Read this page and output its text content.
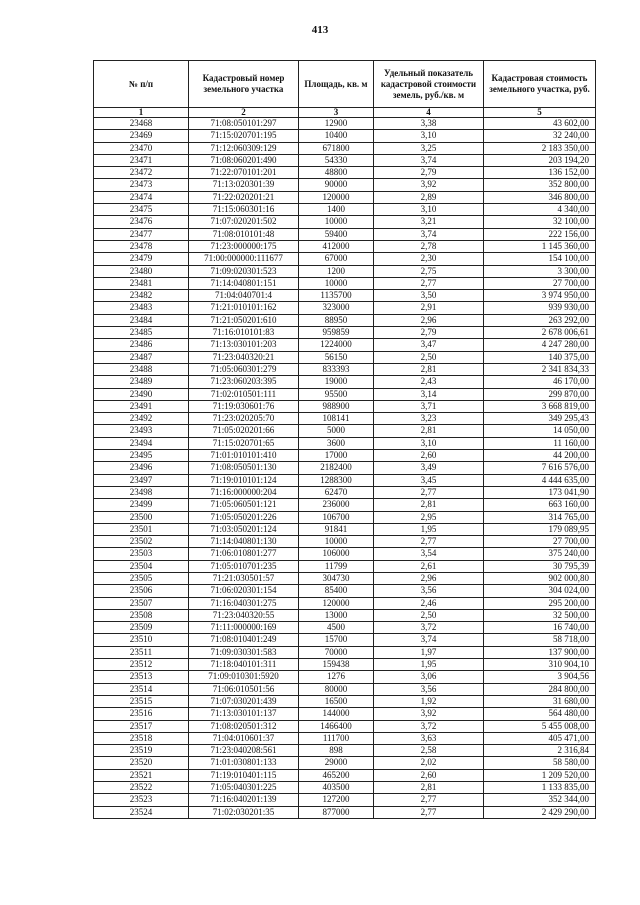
413
№ п/п	Кадастровый номер земельного участка	Площадь, кв. м	Удельный показатель кадастровой стоимости земель, руб./кв. м	Кадастровая стоимость земельного участка, руб.
1	2	3	4	5
23468	71:08:050101:297	12900	3,38	43 602,00
23469	71:15:020701:195	10400	3,10	32 240,00
23470	71:12:060309:129	671800	3,25	2 183 350,00
23471	71:08:060201:490	54330	3,74	203 194,20
23472	71:22:070101:201	48800	2,79	136 152,00
23473	71:13:020301:39	90000	3,92	352 800,00
23474	71:22:020201:21	120000	2,89	346 800,00
23475	71:15:060301:16	1400	3,10	4 340,00
23476	71:07:020201:502	10000	3,21	32 100,00
23477	71:08:010101:48	59400	3,74	222 156,00
23478	71:23:000000:175	412000	2,78	1 145 360,00
23479	71:00:000000:111677	67000	2,30	154 100,00
23480	71:09:020301:523	1200	2,75	3 300,00
23481	71:14:040801:151	10000	2,77	27 700,00
23482	71:04:040701:4	1135700	3,50	3 974 950,00
23483	71:21:010101:162	323000	2,91	939 930,00
23484	71:21:050201:610	88950	2,96	263 292,00
23485	71:16:010101:83	959859	2,79	2 678 006,61
23486	71:13:030101:203	1224000	3,47	4 247 280,00
23487	71:23:040320:21	56150	2,50	140 375,00
23488	71:05:060301:279	833393	2,81	2 341 834,33
23489	71:23:060203:395	19000	2,43	46 170,00
23490	71:02:010501:111	95500	3,14	299 870,00
23491	71:19:030601:76	988900	3,71	3 668 819,00
23492	71:23:020205:70	108141	3,23	349 295,43
23493	71:05:020201:66	5000	2,81	14 050,00
23494	71:15:020701:65	3600	3,10	11 160,00
23495	71:01:010101:410	17000	2,60	44 200,00
23496	71:08:050501:130	2182400	3,49	7 616 576,00
23497	71:19:010101:124	1288300	3,45	4 444 635,00
23498	71:16:000000:204	62470	2,77	173 041,90
23499	71:05:060501:121	236000	2,81	663 160,00
23500	71:05:050201:226	106700	2,95	314 765,00
23501	71:03:050201:124	91841	1,95	179 089,95
23502	71:14:040801:130	10000	2,77	27 700,00
23503	71:06:010801:277	106000	3,54	375 240,00
23504	71:05:010701:235	11799	2,61	30 795,39
23505	71:21:030501:57	304730	2,96	902 000,80
23506	71:06:020301:154	85400	3,56	304 024,00
23507	71:16:040301:275	120000	2,46	295 200,00
23508	71:23:040320:55	13000	2,50	32 500,00
23509	71:11:000000:169	4500	3,72	16 740,00
23510	71:08:010401:249	15700	3,74	58 718,00
23511	71:09:030301:583	70000	1,97	137 900,00
23512	71:18:040101:311	159438	1,95	310 904,10
23513	71:09:010301:5920	1276	3,06	3 904,56
23514	71:06:010501:56	80000	3,56	284 800,00
23515	71:07:030201:439	16500	1,92	31 680,00
23516	71:13:030101:137	144000	3,92	564 480,00
23517	71:08:020501:312	1466400	3,72	5 455 008,00
23518	71:04:010601:37	111700	3,63	405 471,00
23519	71:23:040208:561	898	2,58	2 316,84
23520	71:01:030801:133	29000	2,02	58 580,00
23521	71:19:010401:115	465200	2,60	1 209 520,00
23522	71:05:040301:225	403500	2,81	1 133 835,00
23523	71:16:040201:139	127200	2,77	352 344,00
23524	71:02:030201:35	877000	2,77	2 429 290,00
